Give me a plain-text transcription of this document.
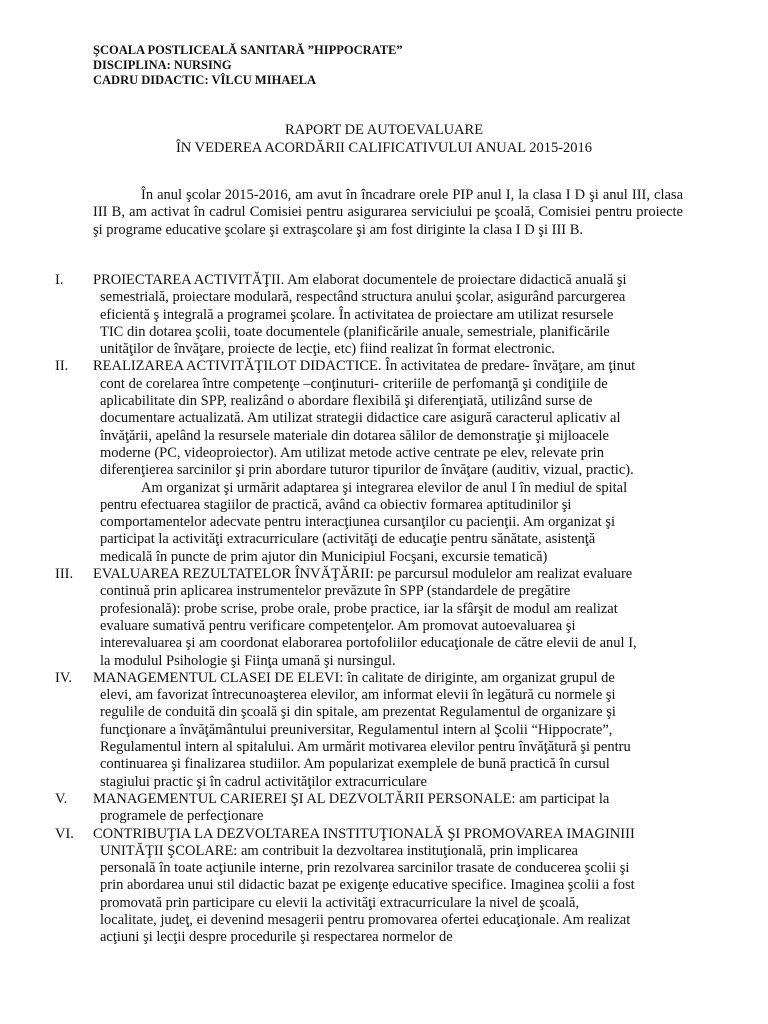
ŞCOALA POSTLICEALĂ SANITARĂ ”HIPPOCRATE”
DISCIPLINA: NURSING
CADRU DIDACTIC: VÎLCU MIHAELA
RAPORT DE AUTOEVALUARE
ÎN VEDEREA ACORDĂRII CALIFICATIVULUI ANUAL 2015-2016

În anul şcolar 2015-2016, am avut în încadrare orele PIP anul I, la clasa I D şi anul III, clasa III B, am activat în cadrul Comisiei pentru asigurarea serviciului pe şcoală, Comisiei pentru proiecte şi programe educative şcolare şi extraşcolare şi am fost diriginte la clasa I D şi III B.

I. PROIECTAREA ACTIVITĂŢII. Am elaborat documentele de proiectare didactică anuală şi
semestrială, proiectare modulară, respectând structura anului şcolar, asigurând parcurgerea
eficientă ş integrală a programei şcolare. În activitatea de proiectare am utilizat resursele
TIC din dotarea şcolii, toate documentele (planificările anuale, semestriale, planificările
unităţilor de învăţare, proiecte de lecţie, etc) fiind realizat în format electronic.
II. REALIZAREA ACTIVITĂŢILOT DIDACTICE. În activitatea de predare- învăţare, am ţinut
cont de corelarea între competenţe –conţinuturi- criteriile de perfomanţă şi condiţiile de
aplicabilitate din SPP, realizând o abordare flexibilă şi diferenţiată, utilizând surse de
documentare actualizată. Am utilizat strategii didactice care asigură caracterul aplicativ al
învăţării, apelând la resursele materiale din dotarea sălilor de demonstraţie şi mijloacele
moderne (PC, videoproiector). Am utilizat metode active centrate pe elev, relevate prin
diferenţierea sarcinilor şi prin abordare tuturor tipurilor de învăţare (auditiv, vizual, practic).
Am organizat şi urmărit adaptarea şi integrarea elevilor de anul I în mediul de spital
pentru efectuarea stagiilor de practică, având ca obiectiv formarea aptitudinilor şi
comportamentelor adecvate pentru interacţiunea cursanţilor cu pacienţii. Am organizat şi
participat la activităţi extracurriculare (activităţi de educaţie pentru sănătate, asistenţă
medicală în puncte de prim ajutor din Municipiul Focşani, excursie tematică)
III. EVALUAREA REZULTATELOR ÎNVĂŢĂRII: pe parcursul modulelor am realizat evaluare
continuă prin aplicarea instrumentelor prevăzute în SPP (standardele de pregătire
profesională): probe scrise, probe orale, probe practice, iar la sfârşit de modul am realizat
evaluare sumativă pentru verificare competenţelor. Am promovat autoevaluarea şi
interevaluarea şi am coordonat elaborarea portofoliilor educaţionale de către elevii de anul I,
la modulul Psihologie şi Fiinţa umană şi nursingul.
IV. MANAGEMENTUL CLASEI DE ELEVI: în calitate de diriginte, am organizat grupul de
elevi, am favorizat întrecunoaşterea elevilor, am informat elevii în legătură cu normele şi
regulile de conduită din şcoală şi din spitale, am prezentat Regulamentul de organizare şi
funcţionare a învăţământului preuniversitar, Regulamentul intern al Şcolii “Hippocrate”,
Regulamentul intern al spitalului. Am urmărit motivarea elevilor pentru învăţătură şi pentru
continuarea şi finalizarea studiilor. Am popularizat exemplele de bună practică în cursul
stagiului practic şi în cadrul activităţilor extracurriculare
V. MANAGEMENTUL CARIEREI ŞI AL DEZVOLTĂRII PERSONALE: am participat la
programele de perfecţionare
VI. CONTRIBUŢIA LA DEZVOLTAREA INSTITUŢIONALĂ ŞI PROMOVAREA IMAGINIII
UNITĂŢII ŞCOLARE: am contribuit la dezvoltarea instituţională, prin implicarea
personală în toate acţiunile interne, prin rezolvarea sarcinilor trasate de conducerea şcolii şi
prin abordarea unui stil didactic bazat pe exigenţe educative specifice. Imaginea şcolii a fost
promovată prin participare cu elevii la activităţi extracurriculare la nivel de şcoală,
localitate, judeţ, ei devenind mesagerii pentru promovarea ofertei educaţionale. Am realizat
acţiuni şi lecţii despre procedurile şi respectarea normelor de
